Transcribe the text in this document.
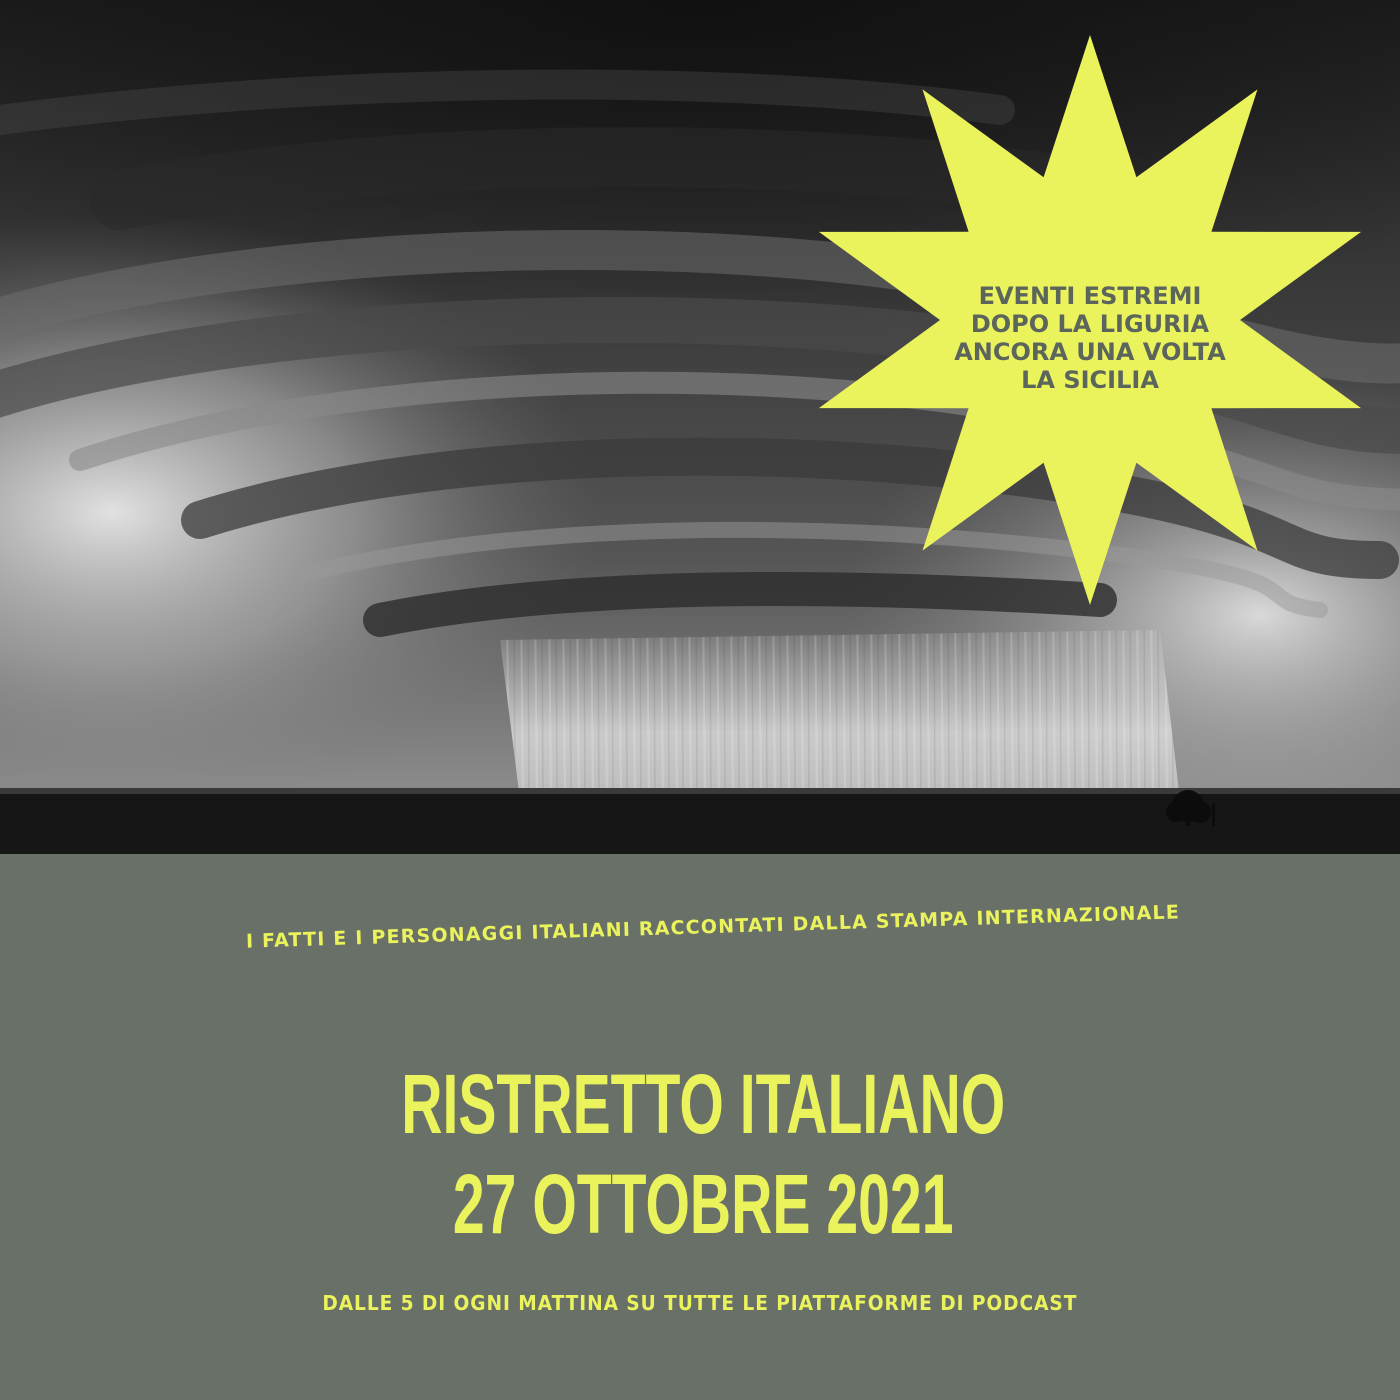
EVENTI ESTREMI
DOPO LA LIGURIA
ANCORA UNA VOLTA
LA SICILIA
I FATTI E I PERSONAGGI ITALIANI RACCONTATI DALLA STAMPA INTERNAZIONALE
RISTRETTO ITALIANO
27 OTTOBRE 2021
DALLE 5 DI OGNI MATTINA SU TUTTE LE PIATTAFORME DI PODCAST
